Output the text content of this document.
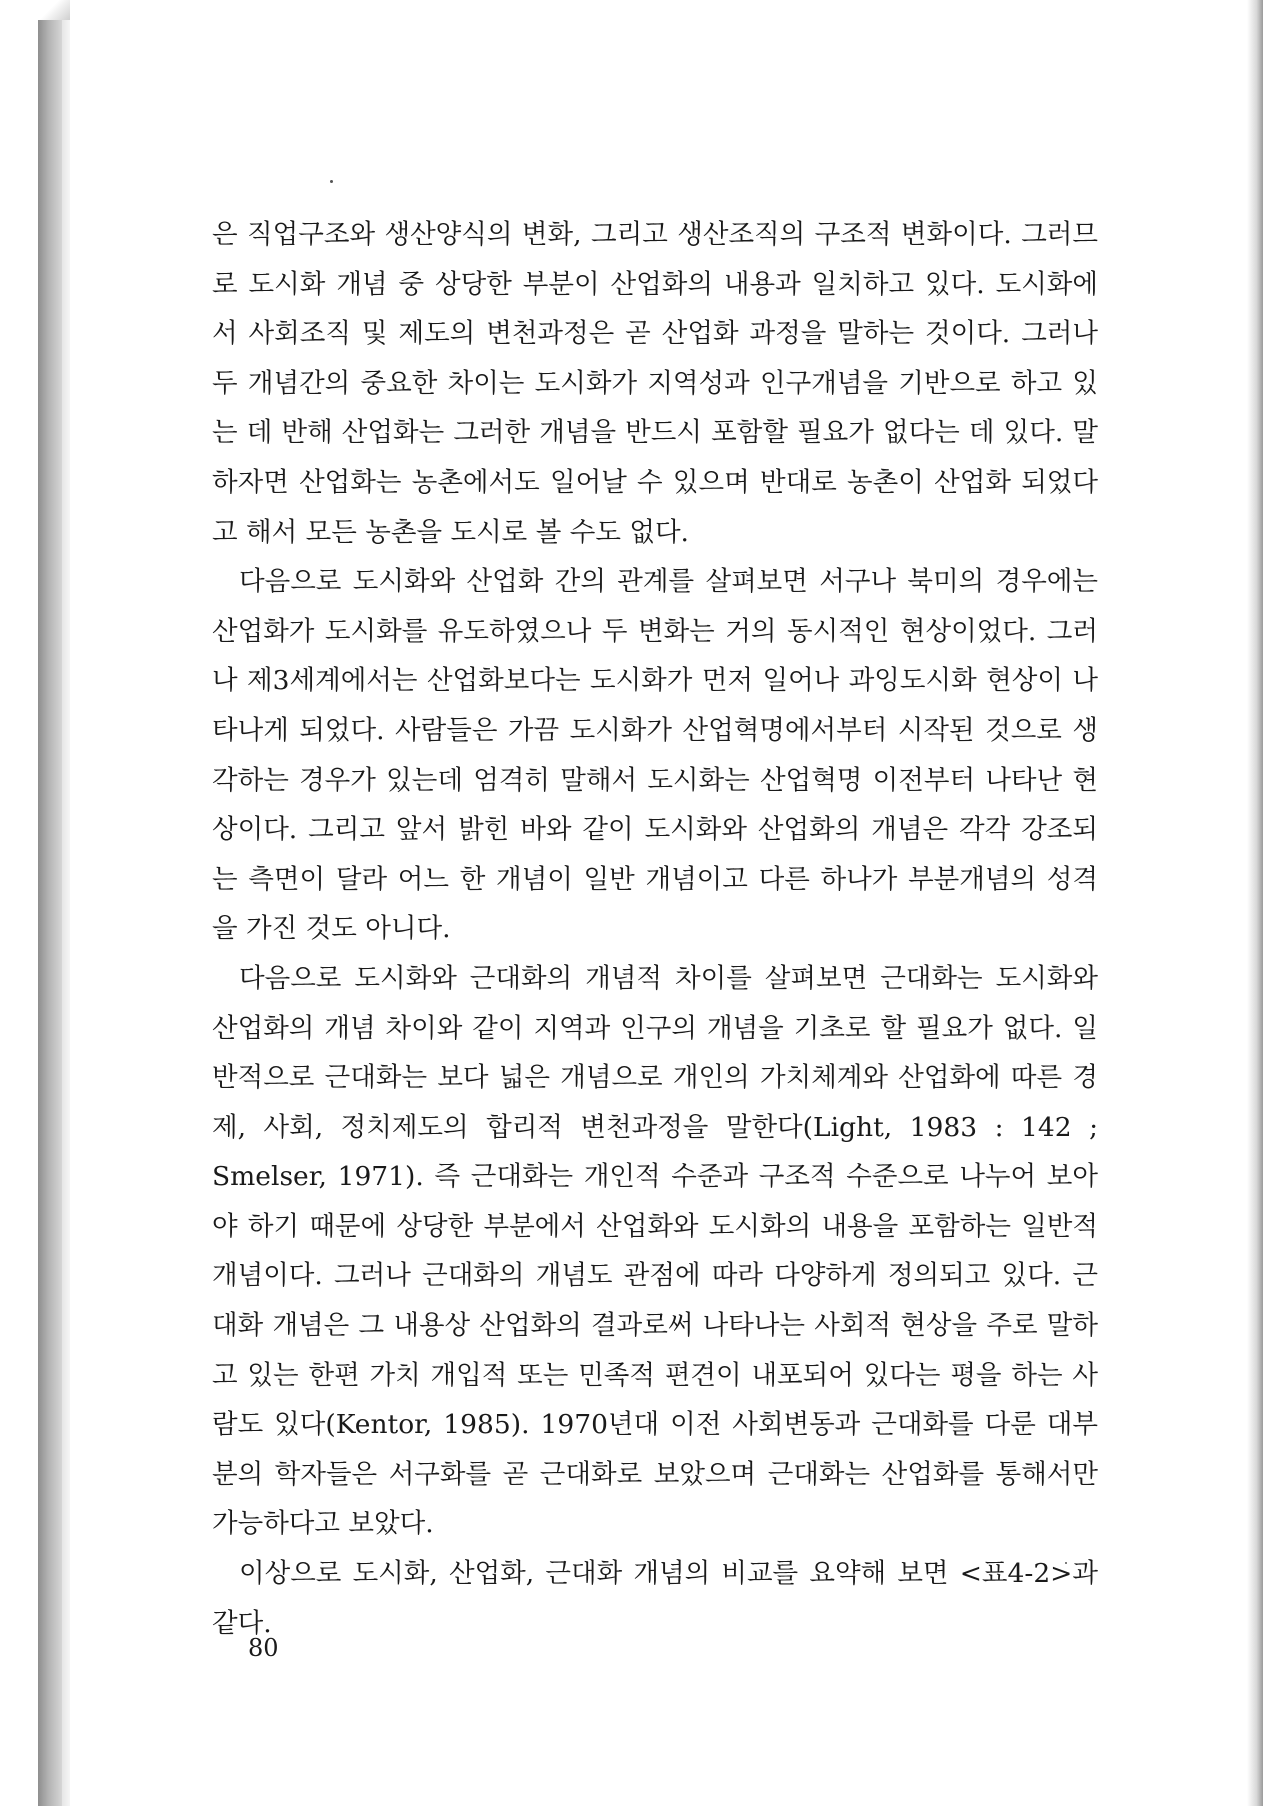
은 직업구조와 생산양식의 변화, 그리고 생산조직의 구조적 변화이다. 그러므로 도시화 개념 중 상당한 부분이 산업화의 내용과 일치하고 있다. 도시화에서 사회조직 및 제도의 변천과정은 곧 산업화 과정을 말하는 것이다. 그러나 두 개념간의 중요한 차이는 도시화가 지역성과 인구개념을 기반으로 하고 있는 데 반해 산업화는 그러한 개념을 반드시 포함할 필요가 없다는 데 있다. 말하자면 산업화는 농촌에서도 일어날 수 있으며 반대로 농촌이 산업화 되었다고 해서 모든 농촌을 도시로 볼 수도 없다.

다음으로 도시화와 산업화 간의 관계를 살펴보면 서구나 북미의 경우에는 산업화가 도시화를 유도하였으나 두 변화는 거의 동시적인 현상이었다. 그러나 제3세계에서는 산업화보다는 도시화가 먼저 일어나 과잉도시화 현상이 나타나게 되었다. 사람들은 가끔 도시화가 산업혁명에서부터 시작된 것으로 생각하는 경우가 있는데 엄격히 말해서 도시화는 산업혁명 이전부터 나타난 현상이다. 그리고 앞서 밝힌 바와 같이 도시화와 산업화의 개념은 각각 강조되는 측면이 달라 어느 한 개념이 일반 개념이고 다른 하나가 부분개념의 성격을 가진 것도 아니다.

다음으로 도시화와 근대화의 개념적 차이를 살펴보면 근대화는 도시화와 산업화의 개념 차이와 같이 지역과 인구의 개념을 기초로 할 필요가 없다. 일반적으로 근대화는 보다 넓은 개념으로 개인의 가치체계와 산업화에 따른 경제, 사회, 정치제도의 합리적 변천과정을 말한다(Light, 1983 : 142 ; Smelser, 1971). 즉 근대화는 개인적 수준과 구조적 수준으로 나누어 보아야 하기 때문에 상당한 부분에서 산업화와 도시화의 내용을 포함하는 일반적 개념이다. 그러나 근대화의 개념도 관점에 따라 다양하게 정의되고 있다. 근대화 개념은 그 내용상 산업화의 결과로써 나타나는 사회적 현상을 주로 말하고 있는 한편 가치 개입적 또는 민족적 편견이 내포되어 있다는 평을 하는 사람도 있다(Kentor, 1985). 1970년대 이전 사회변동과 근대화를 다룬 대부분의 학자들은 서구화를 곧 근대화로 보았으며 근대화는 산업화를 통해서만 가능하다고 보았다.

이상으로 도시화, 산업화, 근대화 개념의 비교를 요약해 보면 <표4-2>과 같다.

80
